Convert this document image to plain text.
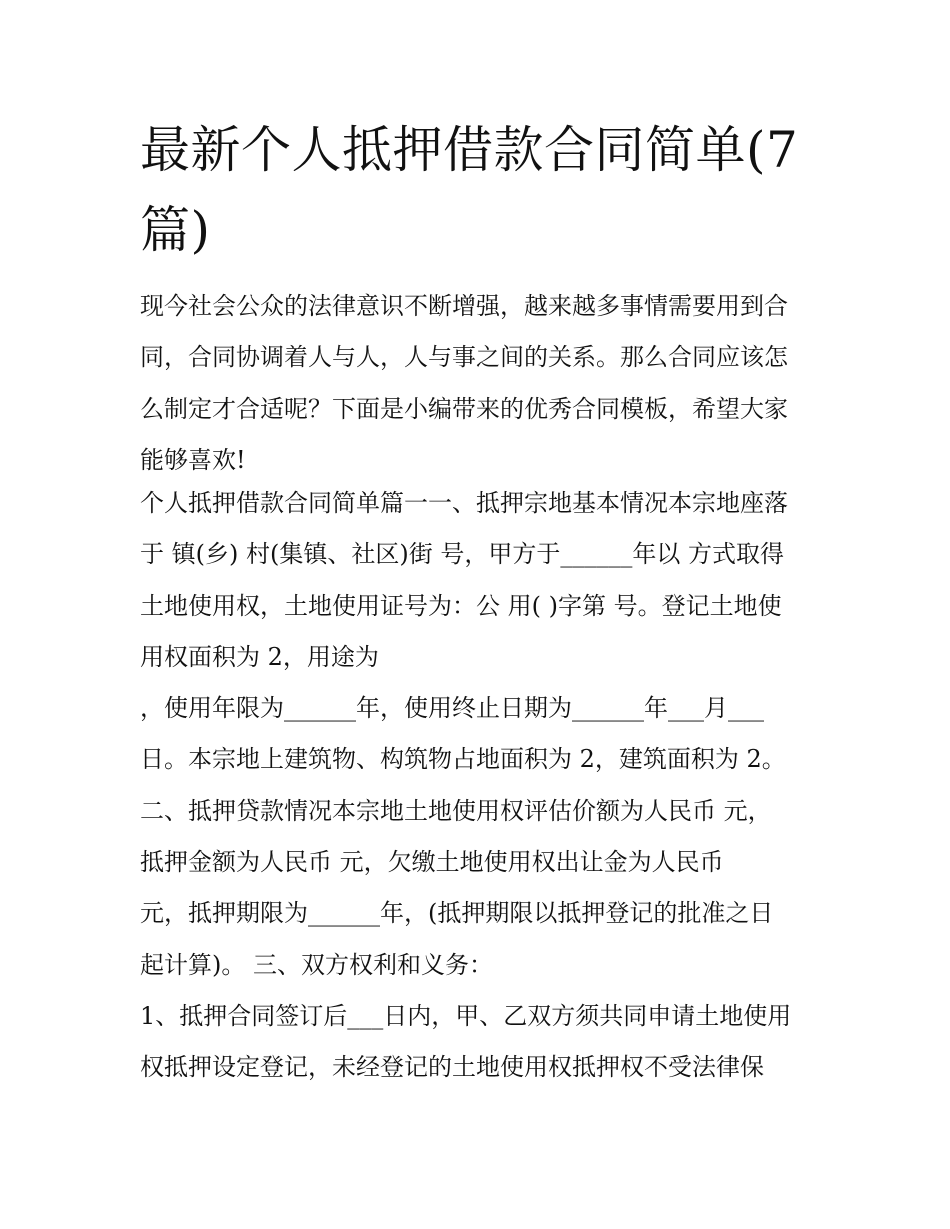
最新个人抵押借款合同简单(7篇)
现今社会公众的法律意识不断增强，越来越多事情需要用到合
同，合同协调着人与人，人与事之间的关系。那么合同应该怎
么制定才合适呢？下面是小编带来的优秀合同模板，希望大家
能够喜欢!
个人抵押借款合同简单篇一一、抵押宗地基本情况本宗地座落
于 镇(乡) 村(集镇、社区)街 号，甲方于______年以 方式取得
土地使用权，土地使用证号为：公 用( )字第 号。登记土地使
用权面积为 2，用途为
，使用年限为______年，使用终止日期为______年___月___
日。本宗地上建筑物、构筑物占地面积为 2，建筑面积为 2。
二、抵押贷款情况本宗地土地使用权评估价额为人民币 元，
抵押金额为人民币 元，欠缴土地使用权出让金为人民币
元，抵押期限为______年，(抵押期限以抵押登记的批准之日
起计算)。 三、双方权利和义务：
1、抵押合同签订后___日内，甲、乙双方须共同申请土地使用
权抵押设定登记，未经登记的土地使用权抵押权不受法律保
